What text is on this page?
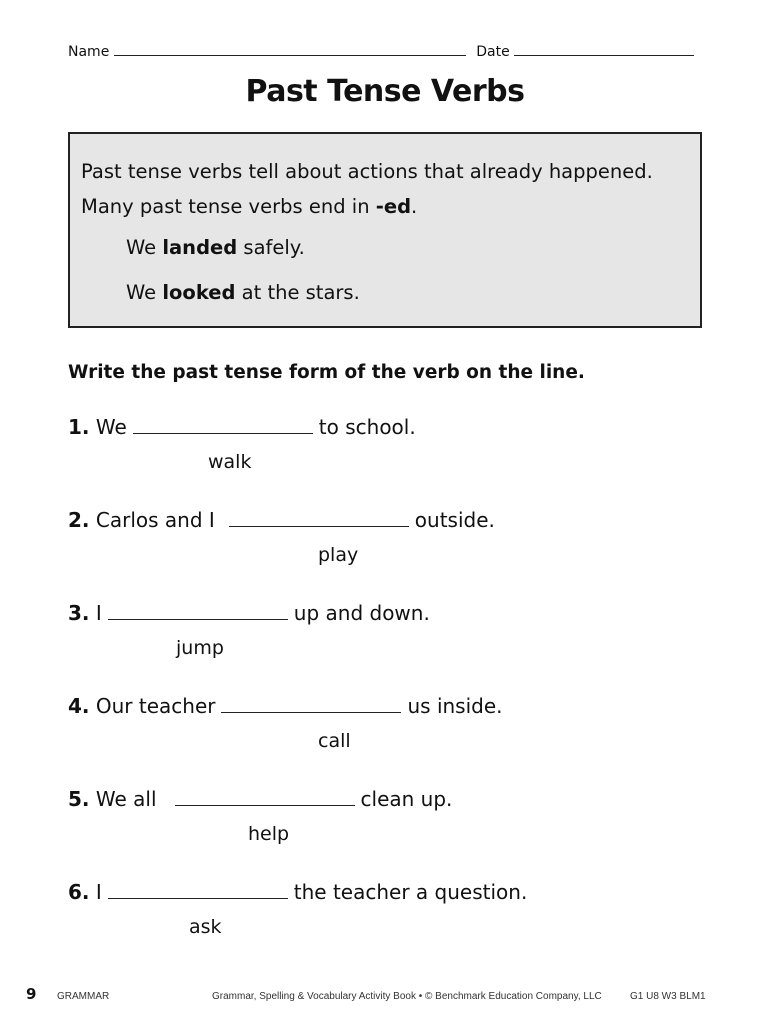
Name	Date
Past Tense Verbs
Past tense verbs tell about actions that already happened.
Many past tense verbs end in -ed.
We landed safely.
We looked at the stars.
Write the past tense form of the verb on the line.
1. We	to school.
walk
2. Carlos and I	outside.
play
3. I	up and down.
jump
4. Our teacher	us inside.
call
5. We all	clean up.
help
6. I	the teacher a question.
ask
9 GRAMMAR	Grammar, Spelling & Vocabulary Activity Book • © Benchmark Education Company, LLC	G1 U8 W3 BLM1
